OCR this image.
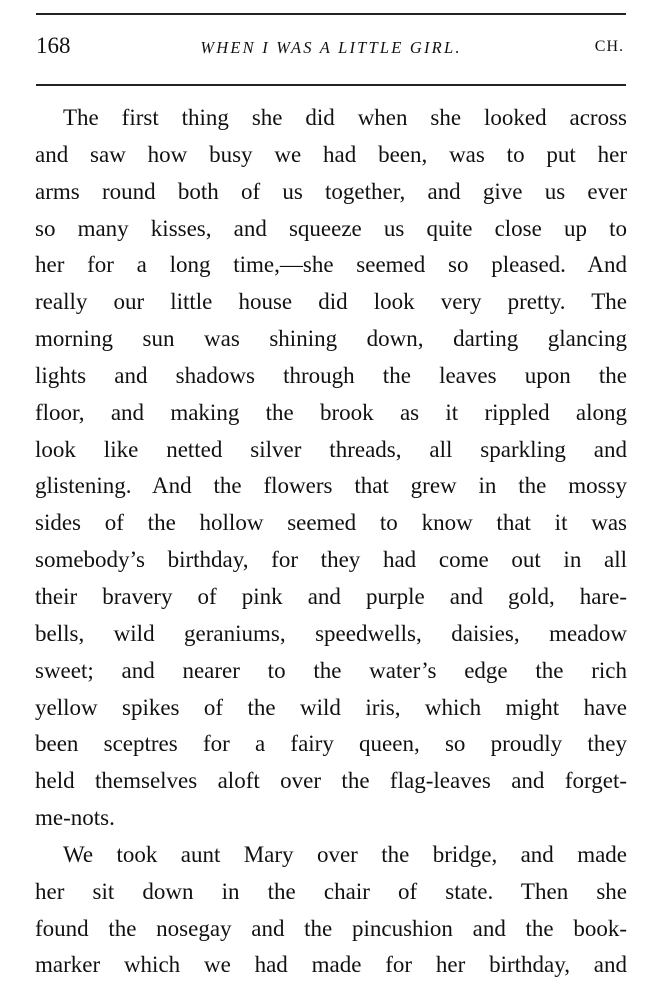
168	WHEN I WAS A LITTLE GIRL.	CH.
The first thing she did when she looked across
and saw how busy we had been, was to put her
arms round both of us together, and give us ever
so many kisses, and squeeze us quite close up to
her for a long time,—she seemed so pleased. And
really our little house did look very pretty. The
morning sun was shining down, darting glancing
lights and shadows through the leaves upon the
floor, and making the brook as it rippled along
look like netted silver threads, all sparkling and
glistening. And the flowers that grew in the mossy
sides of the hollow seemed to know that it was
somebody’s birthday, for they had come out in all
their bravery of pink and purple and gold, hare-
bells, wild geraniums, speedwells, daisies, meadow
sweet; and nearer to the water’s edge the rich
yellow spikes of the wild iris, which might have
been sceptres for a fairy queen, so proudly they
held themselves aloft over the flag-leaves and forget-
me-nots.
We took aunt Mary over the bridge, and made
her sit down in the chair of state. Then she
found the nosegay and the pincushion and the book-
marker which we had made for her birthday, and
